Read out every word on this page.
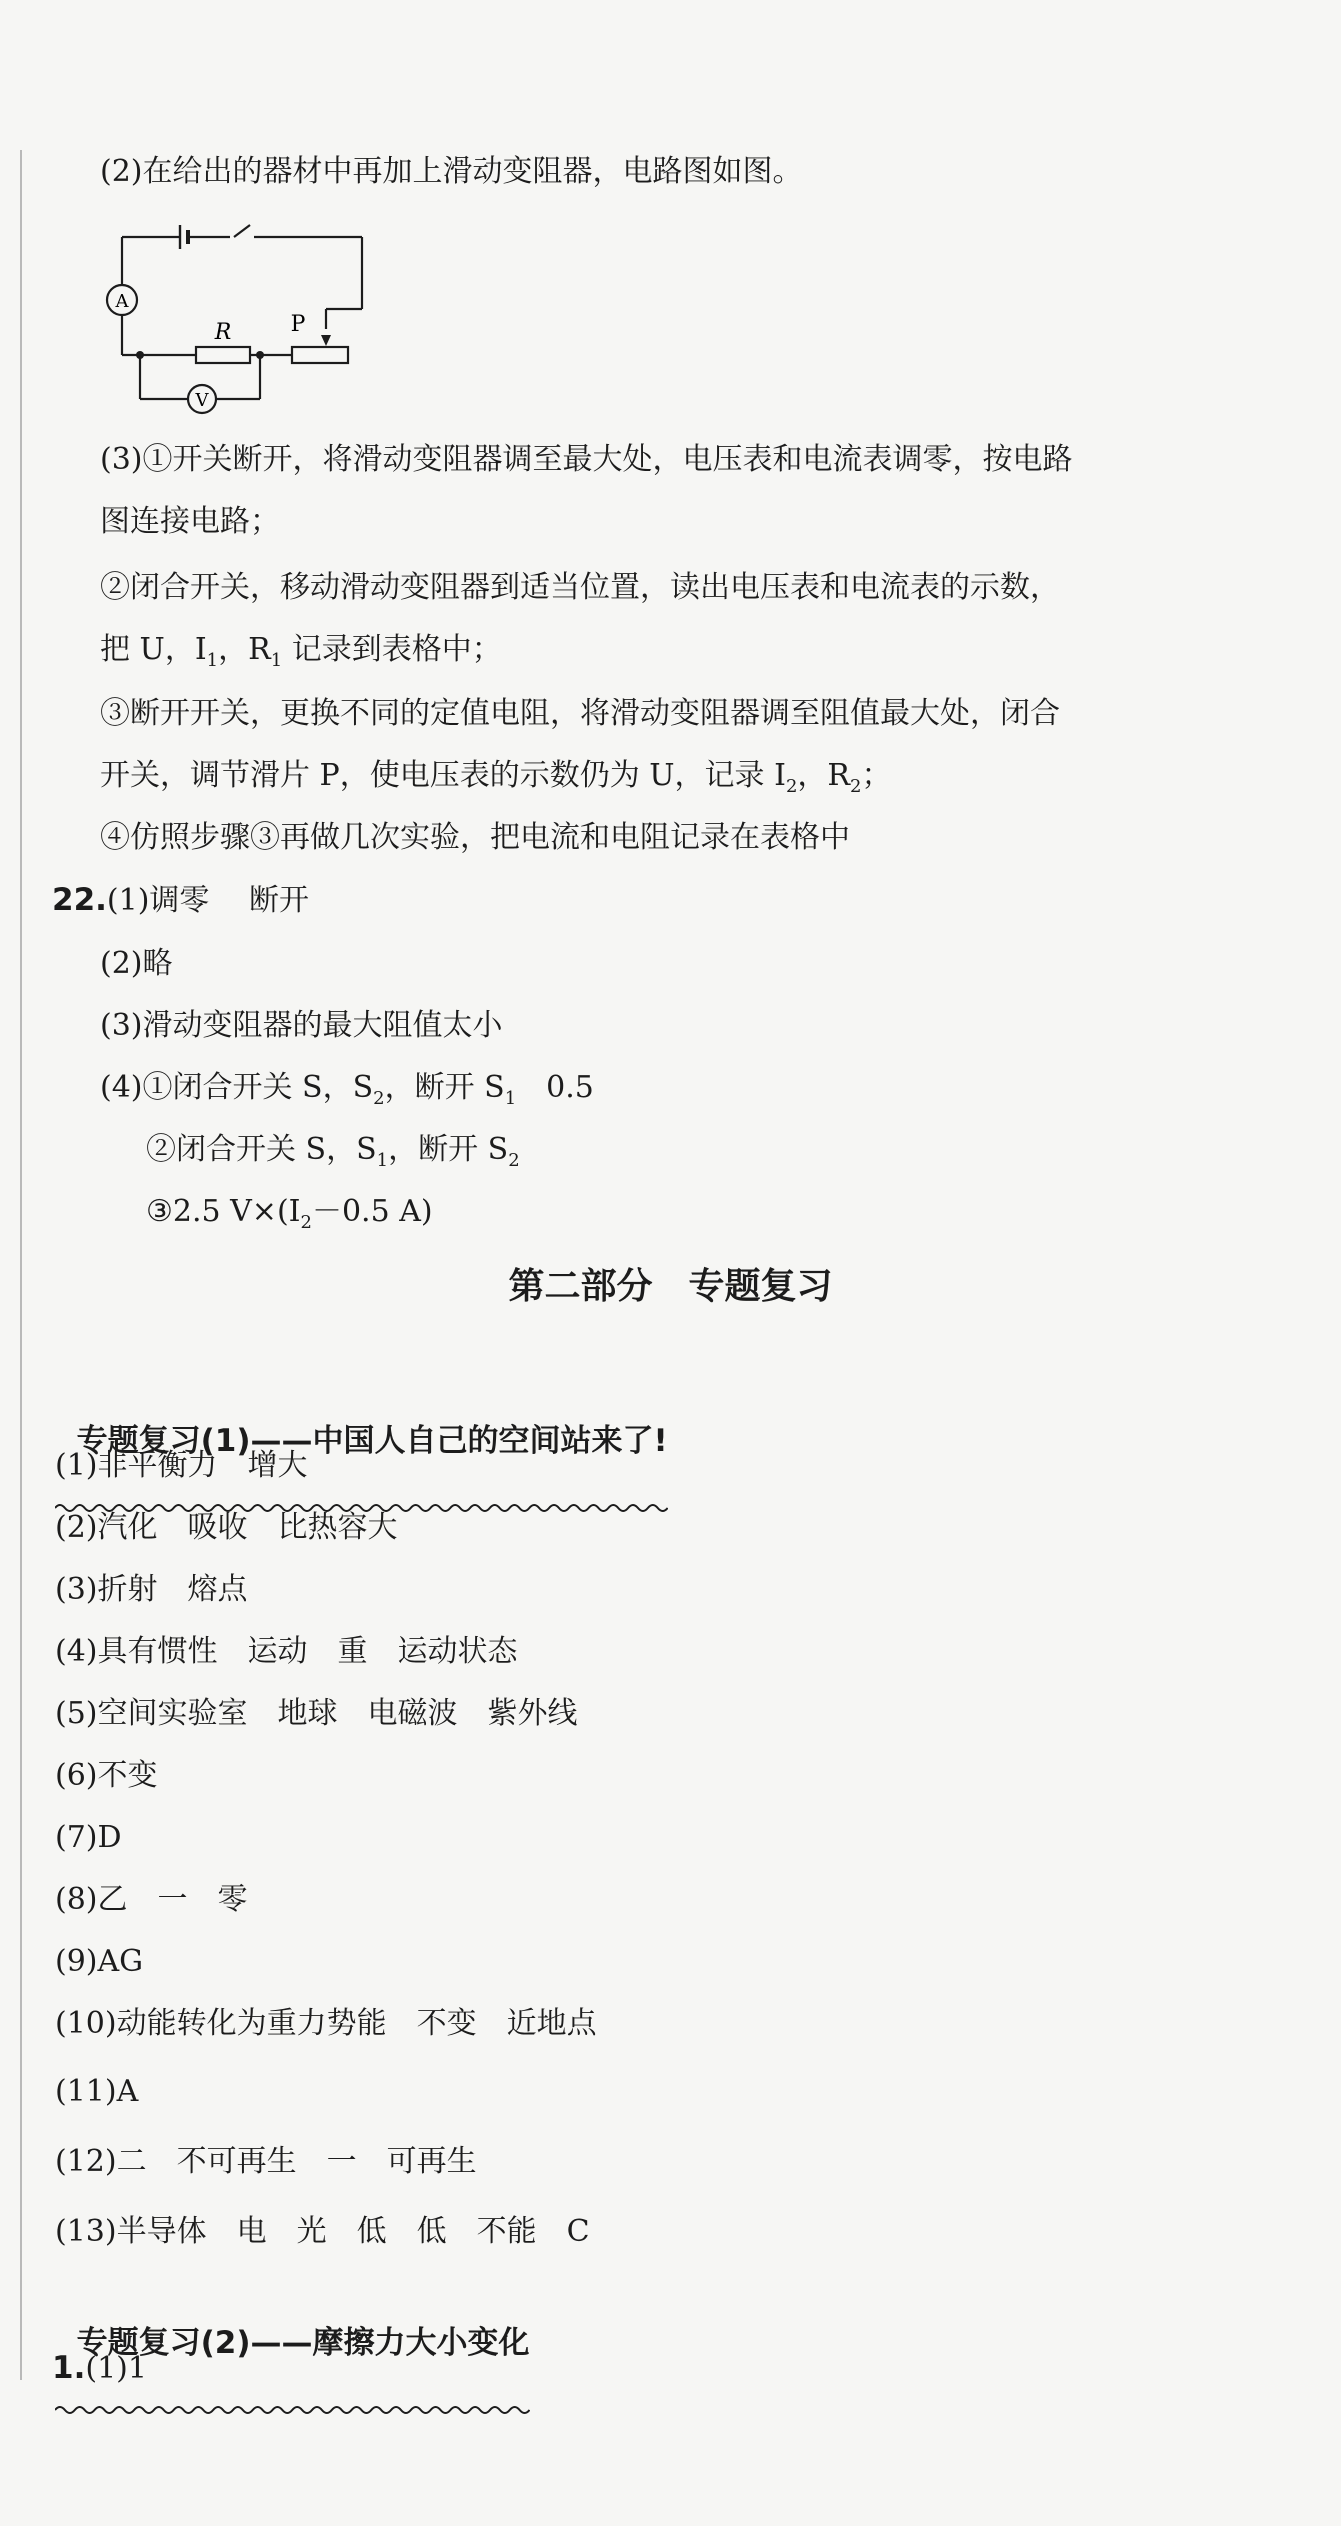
(2)在给出的器材中再加上滑动变阻器，电路图如图。
A
V
R	P
(3)①开关断开，将滑动变阻器调至最大处，电压表和电流表调零，按电路
图连接电路；
②闭合开关，移动滑动变阻器到适当位置，读出电压表和电流表的示数，
把 U，$I_1$，$R_1$ 记录到表格中；
③断开开关，更换不同的定值电阻，将滑动变阻器调至阻值最大处，闭合
开关，调节滑片 P，使电压表的示数仍为 U，记录 $I_2$，$R_2$；
④仿照步骤③再做几次实验，把电流和电阻记录在表格中
22.(1)调零　 断开
(2)略
(3)滑动变阻器的最大阻值太小
(4)①闭合开关 S，$S_2$，断开 $S_1$　0.5
②闭合开关 S，$S_1$，断开 $S_2$
③2.5 $V\times(I_2-0.5$ A)
第二部分　专题复习

专题复习(1)——中国人自己的空间站来了!

(1)非平衡力　增大
(2)汽化　吸收　比热容大
(3)折射　熔点
(4)具有惯性　运动　重　运动状态
(5)空间实验室　地球　电磁波　紫外线
(6)不变
(7)D
(8)乙　一　零
(9)AG
(10)动能转化为重力势能　不变　近地点
(11)A
(12)二　不可再生　一　可再生
(13)半导体　电　光　低　低　不能　C

专题复习(2)——摩擦力大小变化

1.(1)1
